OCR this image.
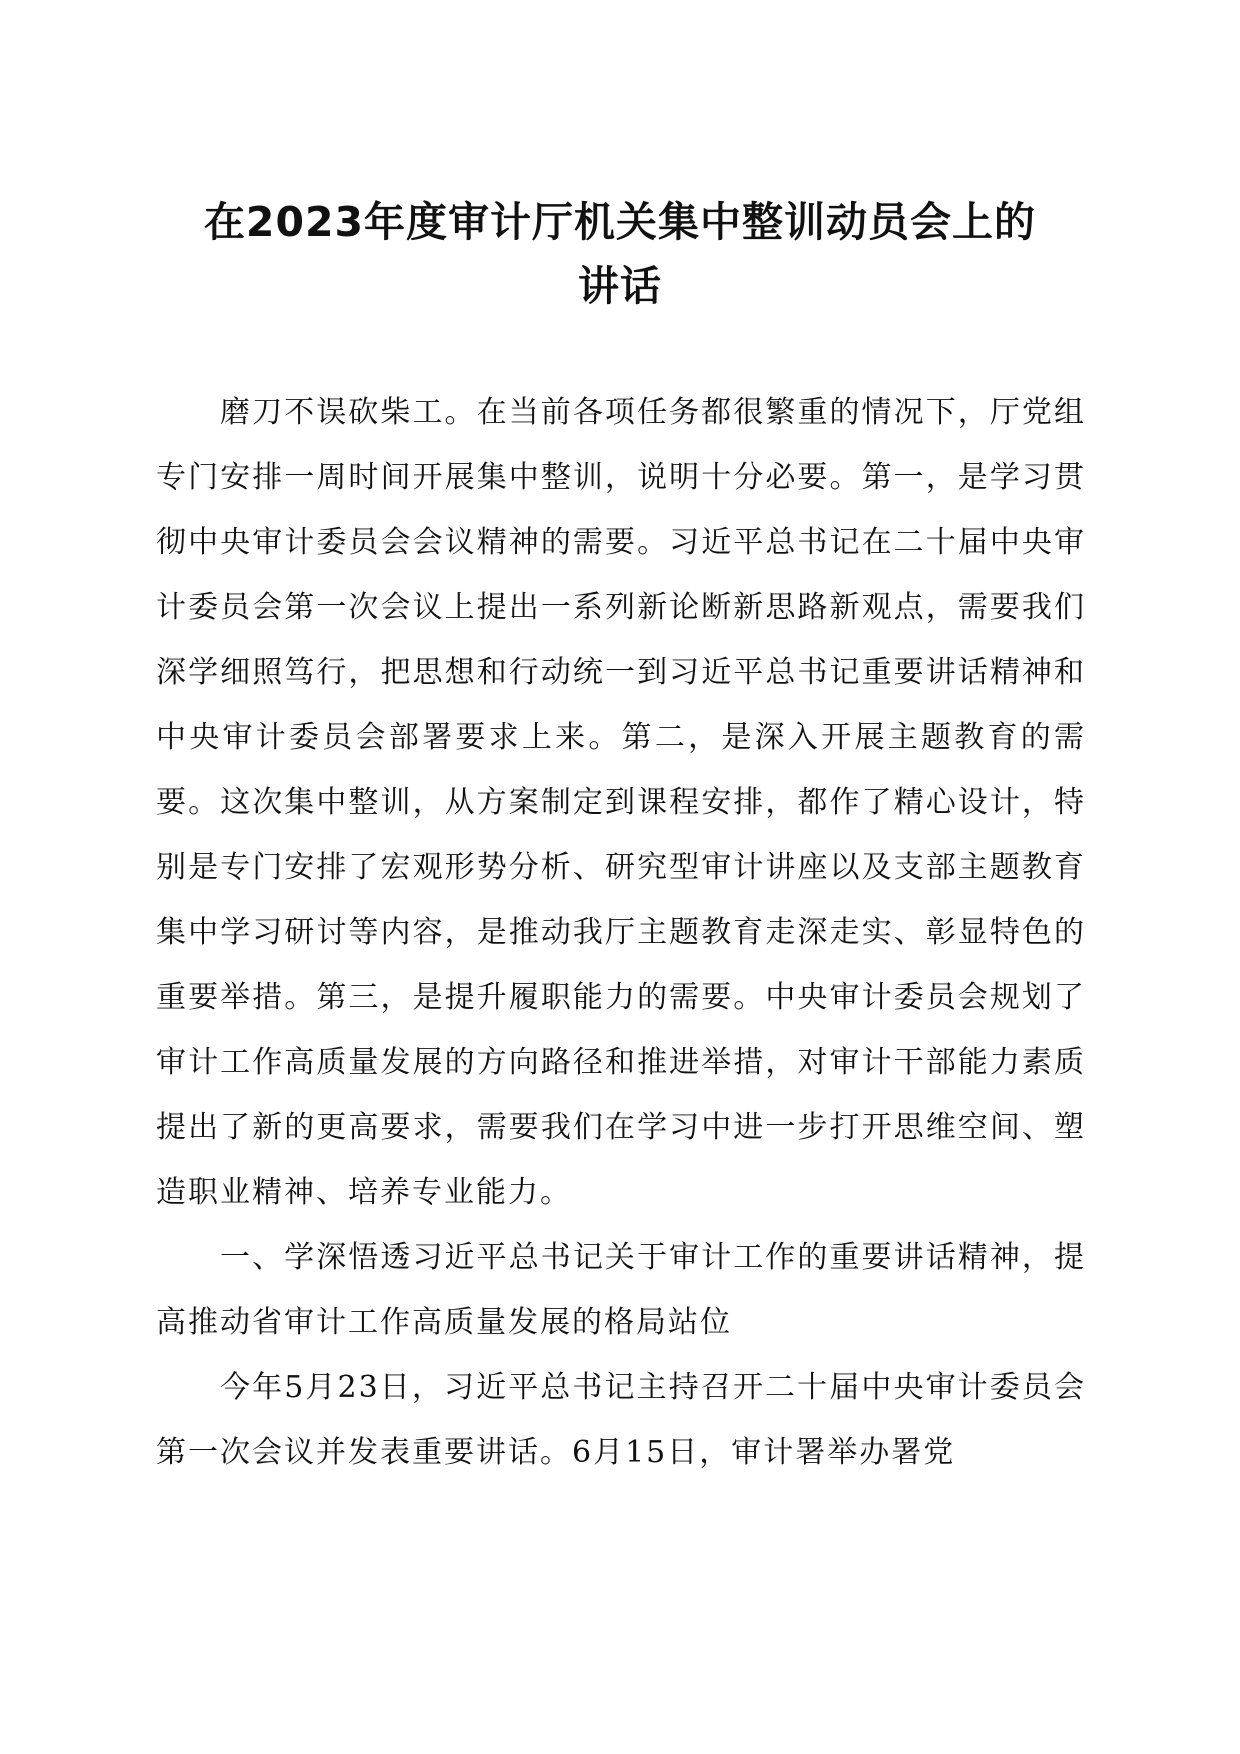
在2023年度审计厅机关集中整训动员会上的
讲话

磨刀不误砍柴工。在当前各项任务都很繁重的情况下，厅党组专门安排一周时间开展集中整训，说明十分必要。第一，是学习贯彻中央审计委员会会议精神的需要。习近平总书记在二十届中央审计委员会第一次会议上提出一系列新论断新思路新观点，需要我们深学细照笃行，把思想和行动统一到习近平总书记重要讲话精神和中央审计委员会部署要求上来。第二，是深入开展主题教育的需要。这次集中整训，从方案制定到课程安排，都作了精心设计，特别是专门安排了宏观形势分析、研究型审计讲座以及支部主题教育集中学习研讨等内容，是推动我厅主题教育走深走实、彰显特色的重要举措。第三，是提升履职能力的需要。中央审计委员会规划了审计工作高质量发展的方向路径和推进举措，对审计干部能力素质提出了新的更高要求，需要我们在学习中进一步打开思维空间、塑造职业精神、培养专业能力。

一、学深悟透习近平总书记关于审计工作的重要讲话精神，提高推动省审计工作高质量发展的格局站位

今年5月23日，习近平总书记主持召开二十届中央审计委员会第一次会议并发表重要讲话。6月15日，审计署举办署党
